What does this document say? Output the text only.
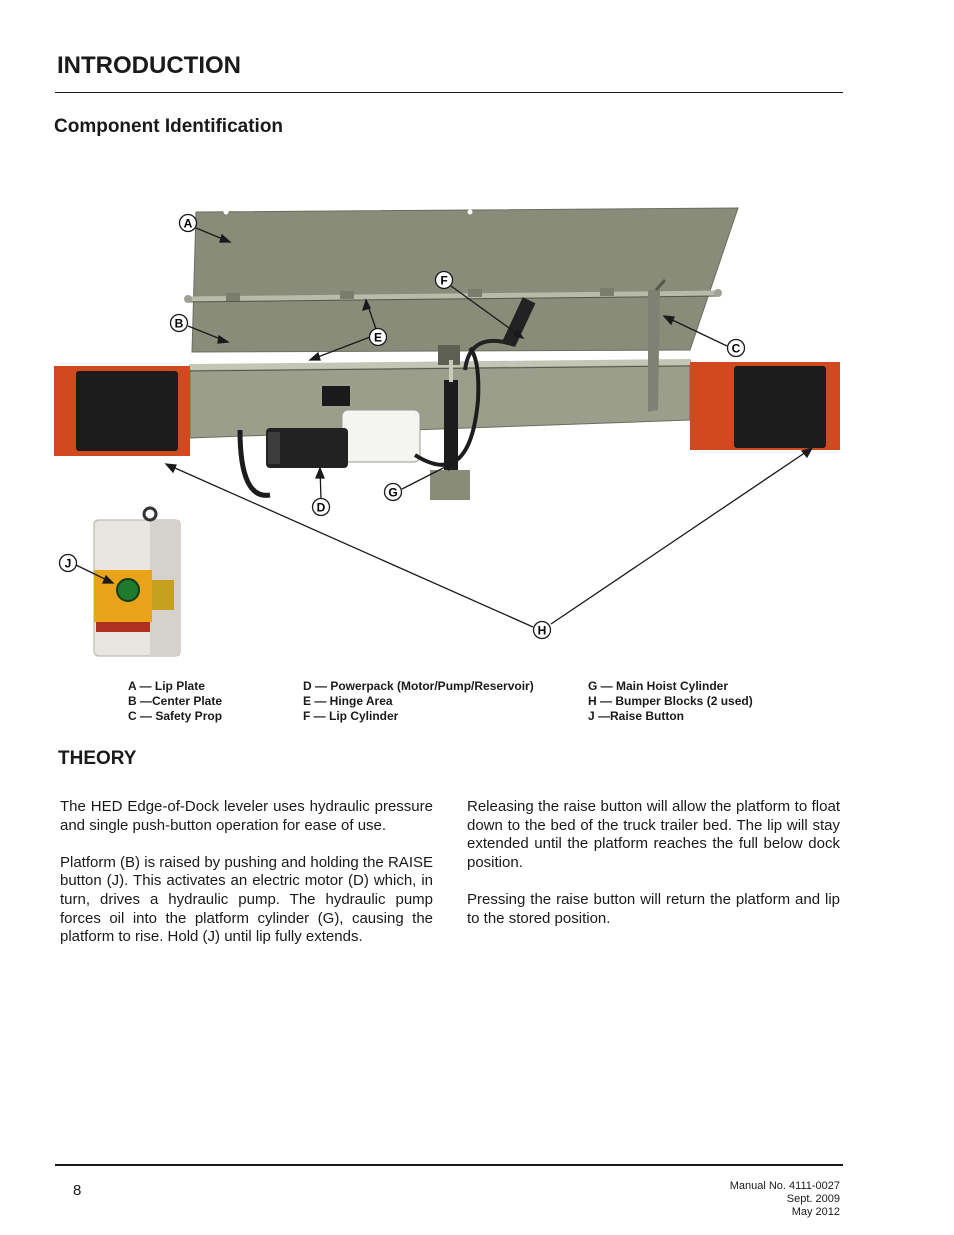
INTRODUCTION
Component Identification
A
B
C
D
E
F
G
H
J
A — Lip Plate
B —Center Plate
C — Safety Prop
D — Powerpack (Motor/Pump/Reservoir)
E — Hinge Area
F — Lip Cylinder
G — Main Hoist Cylinder
H — Bumper Blocks (2 used)
J —Raise Button
THEORY

The HED Edge-of-Dock leveler uses hydraulic pressure and single push-button operation for ease of use.

Platform (B) is raised by pushing and holding the RAISE button (J). This activates an electric motor (D) which, in turn, drives a hydraulic pump. The hydraulic pump forces oil into the platform cylinder (G), causing the platform to rise. Hold (J) until lip fully extends.

Releasing the raise button will allow the platform to float down to the bed of the truck trailer bed. The lip will stay extended until the platform reaches the full below dock position.

Pressing the raise button will return the platform and lip to the stored position.

8	Manual No. 4111-0027
Sept. 2009
May 2012
